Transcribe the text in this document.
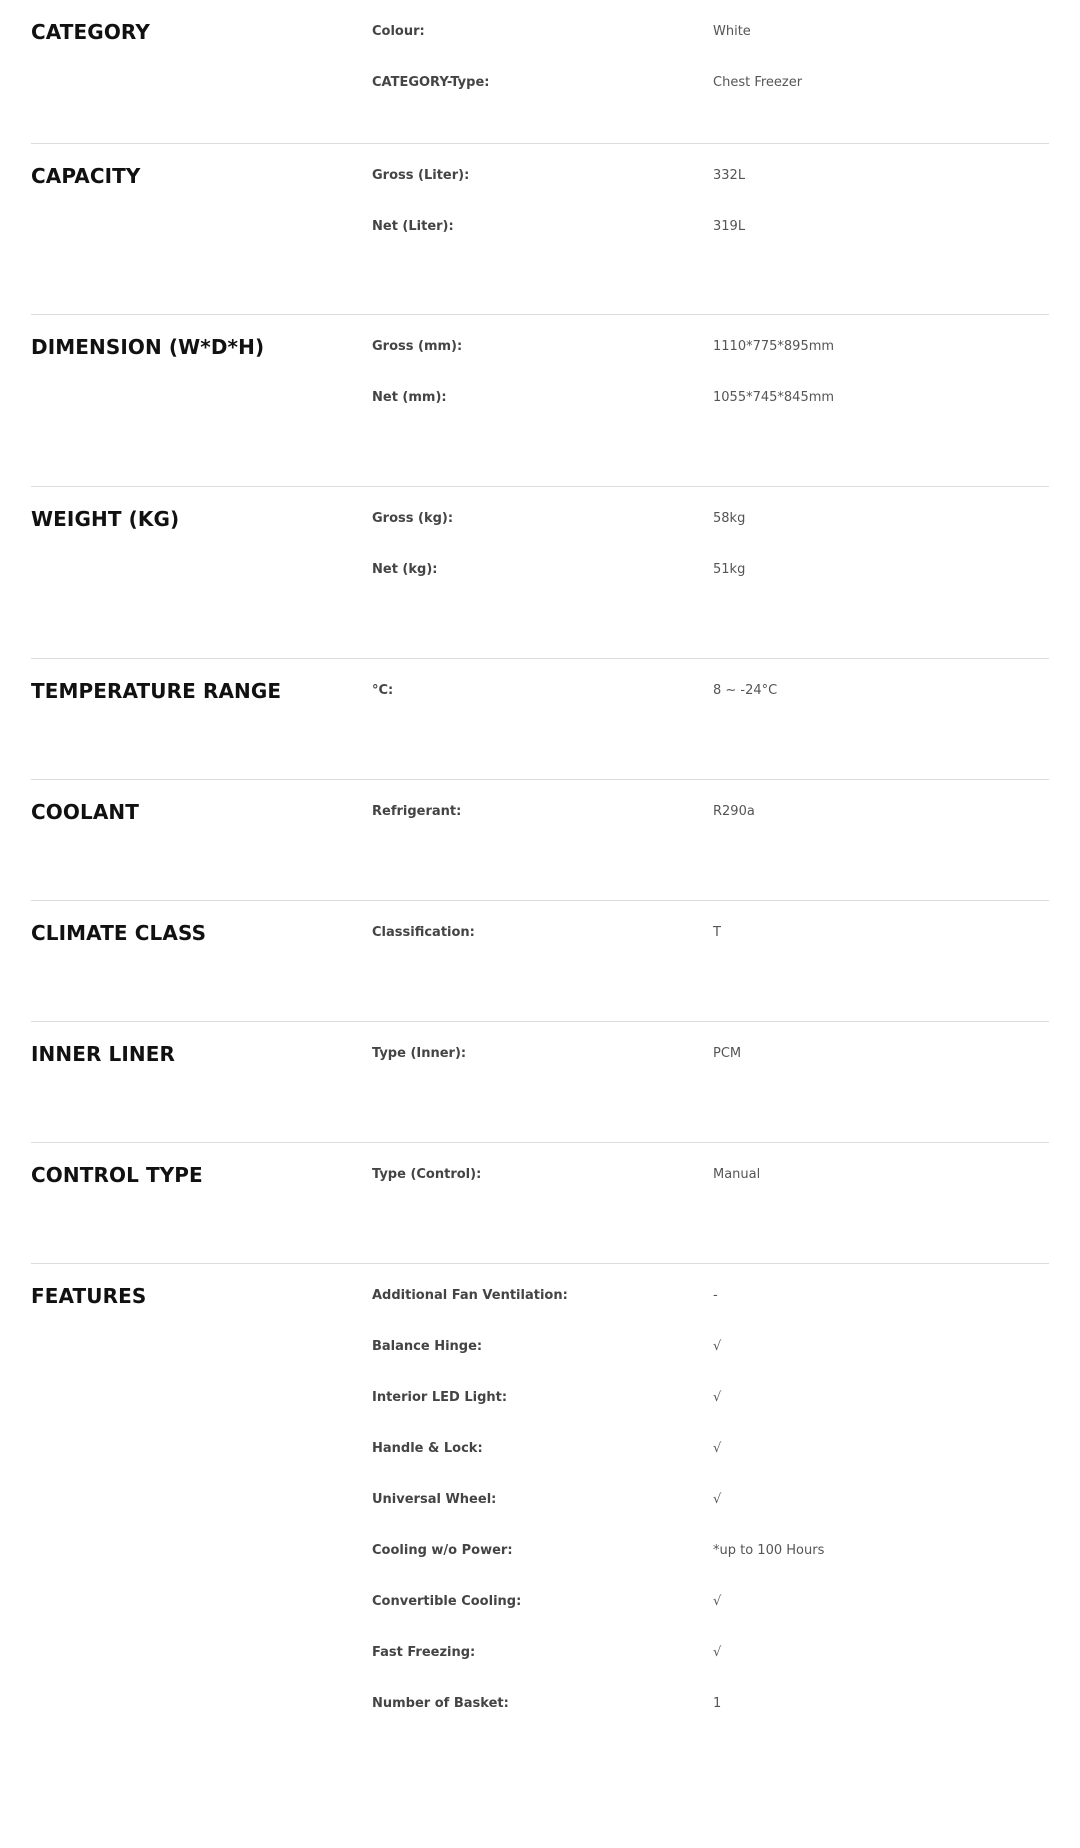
CATEGORY	Colour:	White
CATEGORY-Type:	Chest Freezer
CAPACITY	Gross (Liter):	332L
Net (Liter):	319L
DIMENSION (W*D*H)	Gross (mm):	1110*775*895mm
Net (mm):	1055*745*845mm
WEIGHT (KG)	Gross (kg):	58kg
Net (kg):	51kg
TEMPERATURE RANGE	°C:	8 ~ -24°C
COOLANT	Refrigerant:	R290a
CLIMATE CLASS	Classification:	T
INNER LINER	Type (Inner):	PCM
CONTROL TYPE	Type (Control):	Manual
FEATURES	Additional Fan Ventilation:	-
Balance Hinge:	√
Interior LED Light:	√
Handle & Lock:	√
Universal Wheel:	√
Cooling w/o Power:	*up to 100 Hours
Convertible Cooling:	√
Fast Freezing:	√
Number of Basket:	1
